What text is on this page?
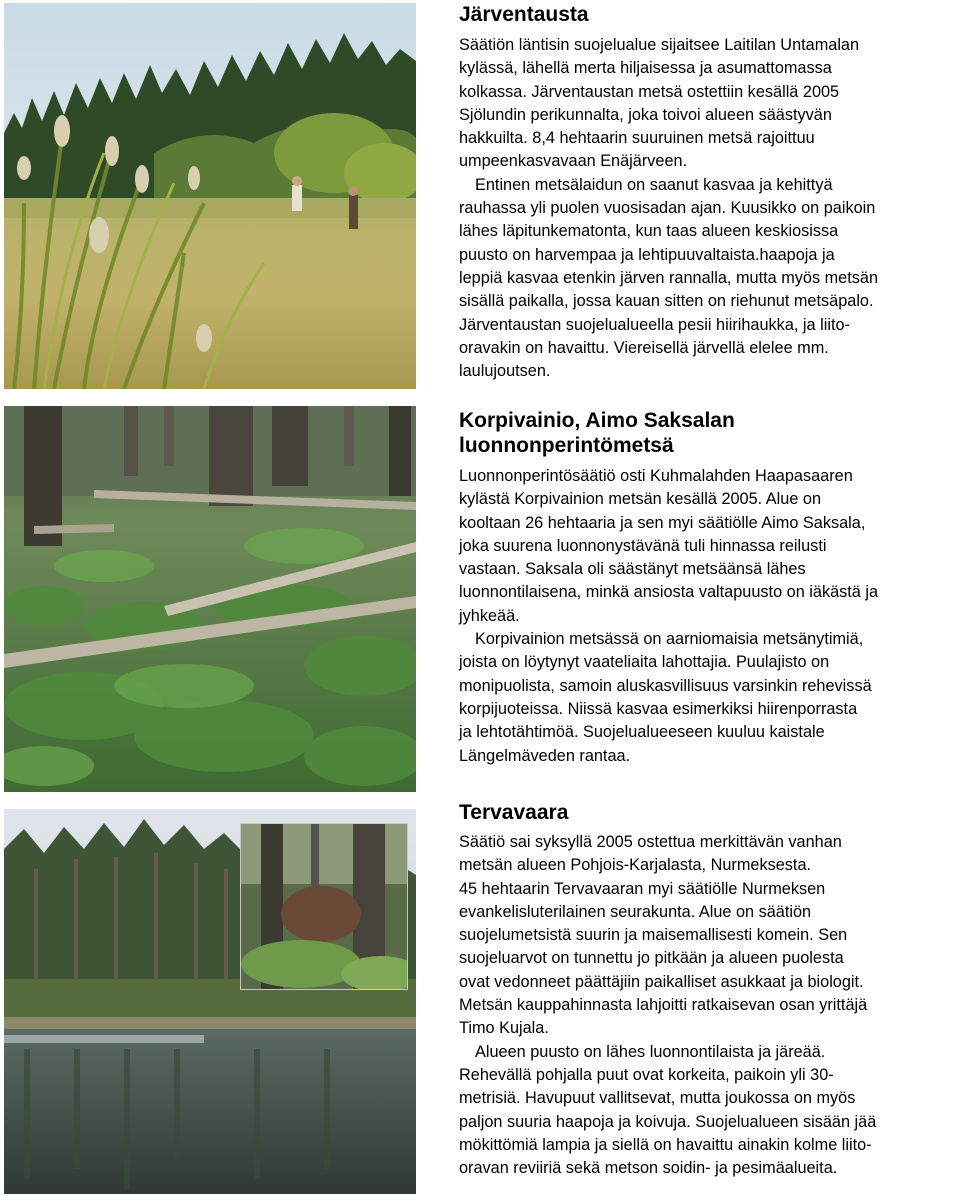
Järventausta
Säätiön läntisin suojelualue sijaitsee Laitilan Untamalan
kylässä, lähellä merta hiljaisessa ja asumattomassa
kolkassa. Järventaustan metsä ostettiin kesällä 2005
Sjölundin perikunnalta, joka toivoi alueen säästyvän
hakkuilta. 8,4 hehtaarin suuruinen metsä rajoittuu
umpeenkasvavaan Enäjärveen.
Entinen metsälaidun on saanut kasvaa ja kehittyä
rauhassa yli puolen vuosisadan ajan. Kuusikko on paikoin
lähes läpitunkematonta, kun taas alueen keskiosissa
puusto on harvempaa ja lehtipuuvaltaista.haapoja ja
leppiä kasvaa etenkin järven rannalla, mutta myös metsän
sisällä paikalla, jossa kauan sitten on riehunut metsäpalo.
Järventaustan suojelualueella pesii hiirihaukka, ja liito-
oravakin on havaittu. Viereisellä järvellä elelee mm.
laulujoutsen.
Korpivainio, Aimo Saksalan
luonnonperintömetsä
Luonnonperintösäätiö osti Kuhmalahden Haapasaaren
kylästä Korpivainion metsän kesällä 2005. Alue on
kooltaan 26 hehtaaria ja sen myi säätiölle Aimo Saksala,
joka suurena luonnonystävänä tuli hinnassa reilusti
vastaan. Saksala oli säästänyt metsäänsä lähes
luonnontilaisena, minkä ansiosta valtapuusto on iäkästä ja
jyhkeää.
Korpivainion metsässä on aarniomaisia metsänytimiä,
joista on löytynyt vaateliaita lahottajia. Puulajisto on
monipuolista, samoin aluskasvillisuus varsinkin rehevissä
korpijuoteissa. Niissä kasvaa esimerkiksi hiirenporrasta
ja lehtotähtimöä. Suojelualueeseen kuuluu kaistale
Längelmäveden rantaa.
Tervavaara
Säätiö sai syksyllä 2005 ostettua merkittävän vanhan
metsän alueen Pohjois-Karjalasta, Nurmeksesta.
45 hehtaarin Tervavaaran myi säätiölle Nurmeksen
evankelisluterilainen seurakunta. Alue on säätiön
suojelumetsistä suurin ja maisemallisesti komein. Sen
suojeluarvot on tunnettu jo pitkään ja alueen puolesta
ovat vedonneet päättäjiin paikalliset asukkaat ja biologit.
Metsän kauppahinnasta lahjoitti ratkaisevan osan yrittäjä
Timo Kujala.
Alueen puusto on lähes luonnontilaista ja järeää.
Rehevällä pohjalla puut ovat korkeita, paikoin yli 30-
metrisiä. Havupuut vallitsevat, mutta joukossa on myös
paljon suuria haapoja ja koivuja. Suojelualueen sisään jää
mökittömiä lampia ja siellä on havaittu ainakin kolme liito-
oravan reviiriä sekä metson soidin- ja pesimäalueita.
